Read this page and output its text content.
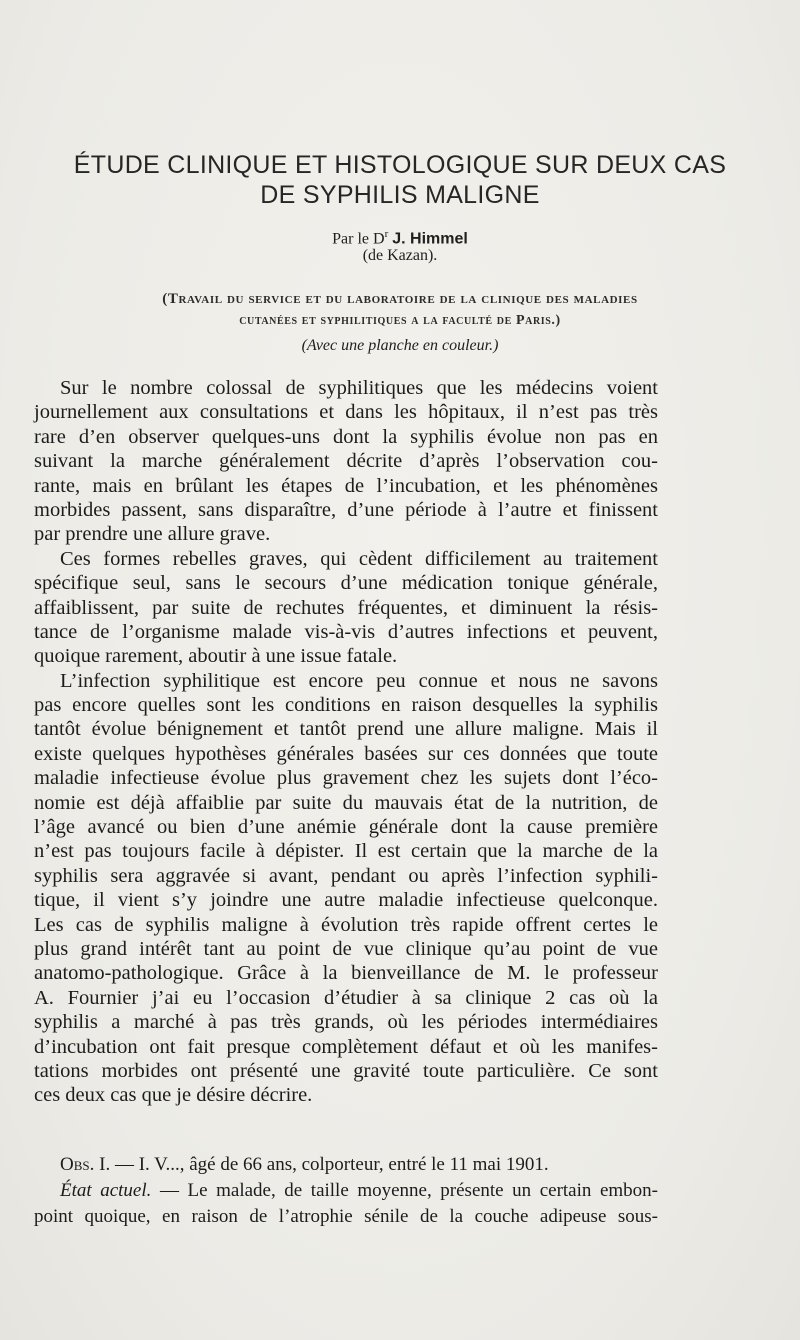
ÉTUDE CLINIQUE ET HISTOLOGIQUE SUR DEUX CAS
DE SYPHILIS MALIGNE
Par le $D^r$ J. Himmel
(de Kazan).
(Travail du service et du laboratoire de la clinique des maladies
cutanées et syphilitiques a la faculté de Paris.)
(Avec une planche en couleur.)
Sur le nombre colossal de syphilitiques que les médecins voient
journellement aux consultations et dans les hôpitaux, il n’est pas très
rare d’en observer quelques-uns dont la syphilis évolue non pas en
suivant la marche généralement décrite d’après l’observation cou-
rante, mais en brûlant les étapes de l’incubation, et les phénomènes
morbides passent, sans disparaître, d’une période à l’autre et finissent
par prendre une allure grave.
Ces formes rebelles graves, qui cèdent difficilement au traitement
spécifique seul, sans le secours d’une médication tonique générale,
affaiblissent, par suite de rechutes fréquentes, et diminuent la résis-
tance de l’organisme malade vis-à-vis d’autres infections et peuvent,
quoique rarement, aboutir à une issue fatale.
L’infection syphilitique est encore peu connue et nous ne savons
pas encore quelles sont les conditions en raison desquelles la syphilis
tantôt évolue bénignement et tantôt prend une allure maligne. Mais il
existe quelques hypothèses générales basées sur ces données que toute
maladie infectieuse évolue plus gravement chez les sujets dont l’éco-
nomie est déjà affaiblie par suite du mauvais état de la nutrition, de
l’âge avancé ou bien d’une anémie générale dont la cause première
n’est pas toujours facile à dépister. Il est certain que la marche de la
syphilis sera aggravée si avant, pendant ou après l’infection syphili-
tique, il vient s’y joindre une autre maladie infectieuse quelconque.
Les cas de syphilis maligne à évolution très rapide offrent certes le
plus grand intérêt tant au point de vue clinique qu’au point de vue
anatomo-pathologique. Grâce à la bienveillance de M. le professeur
A. Fournier j’ai eu l’occasion d’étudier à sa clinique 2 cas où la
syphilis a marché à pas très grands, où les périodes intermédiaires
d’incubation ont fait presque complètement défaut et où les manifes-
tations morbides ont présenté une gravité toute particulière. Ce sont
ces deux cas que je désire décrire.
Obs. I. — I. V..., âgé de 66 ans, colporteur, entré le 11 mai 1901.
État actuel. — Le malade, de taille moyenne, présente un certain embon-
point quoique, en raison de l’atrophie sénile de la couche adipeuse sous-
